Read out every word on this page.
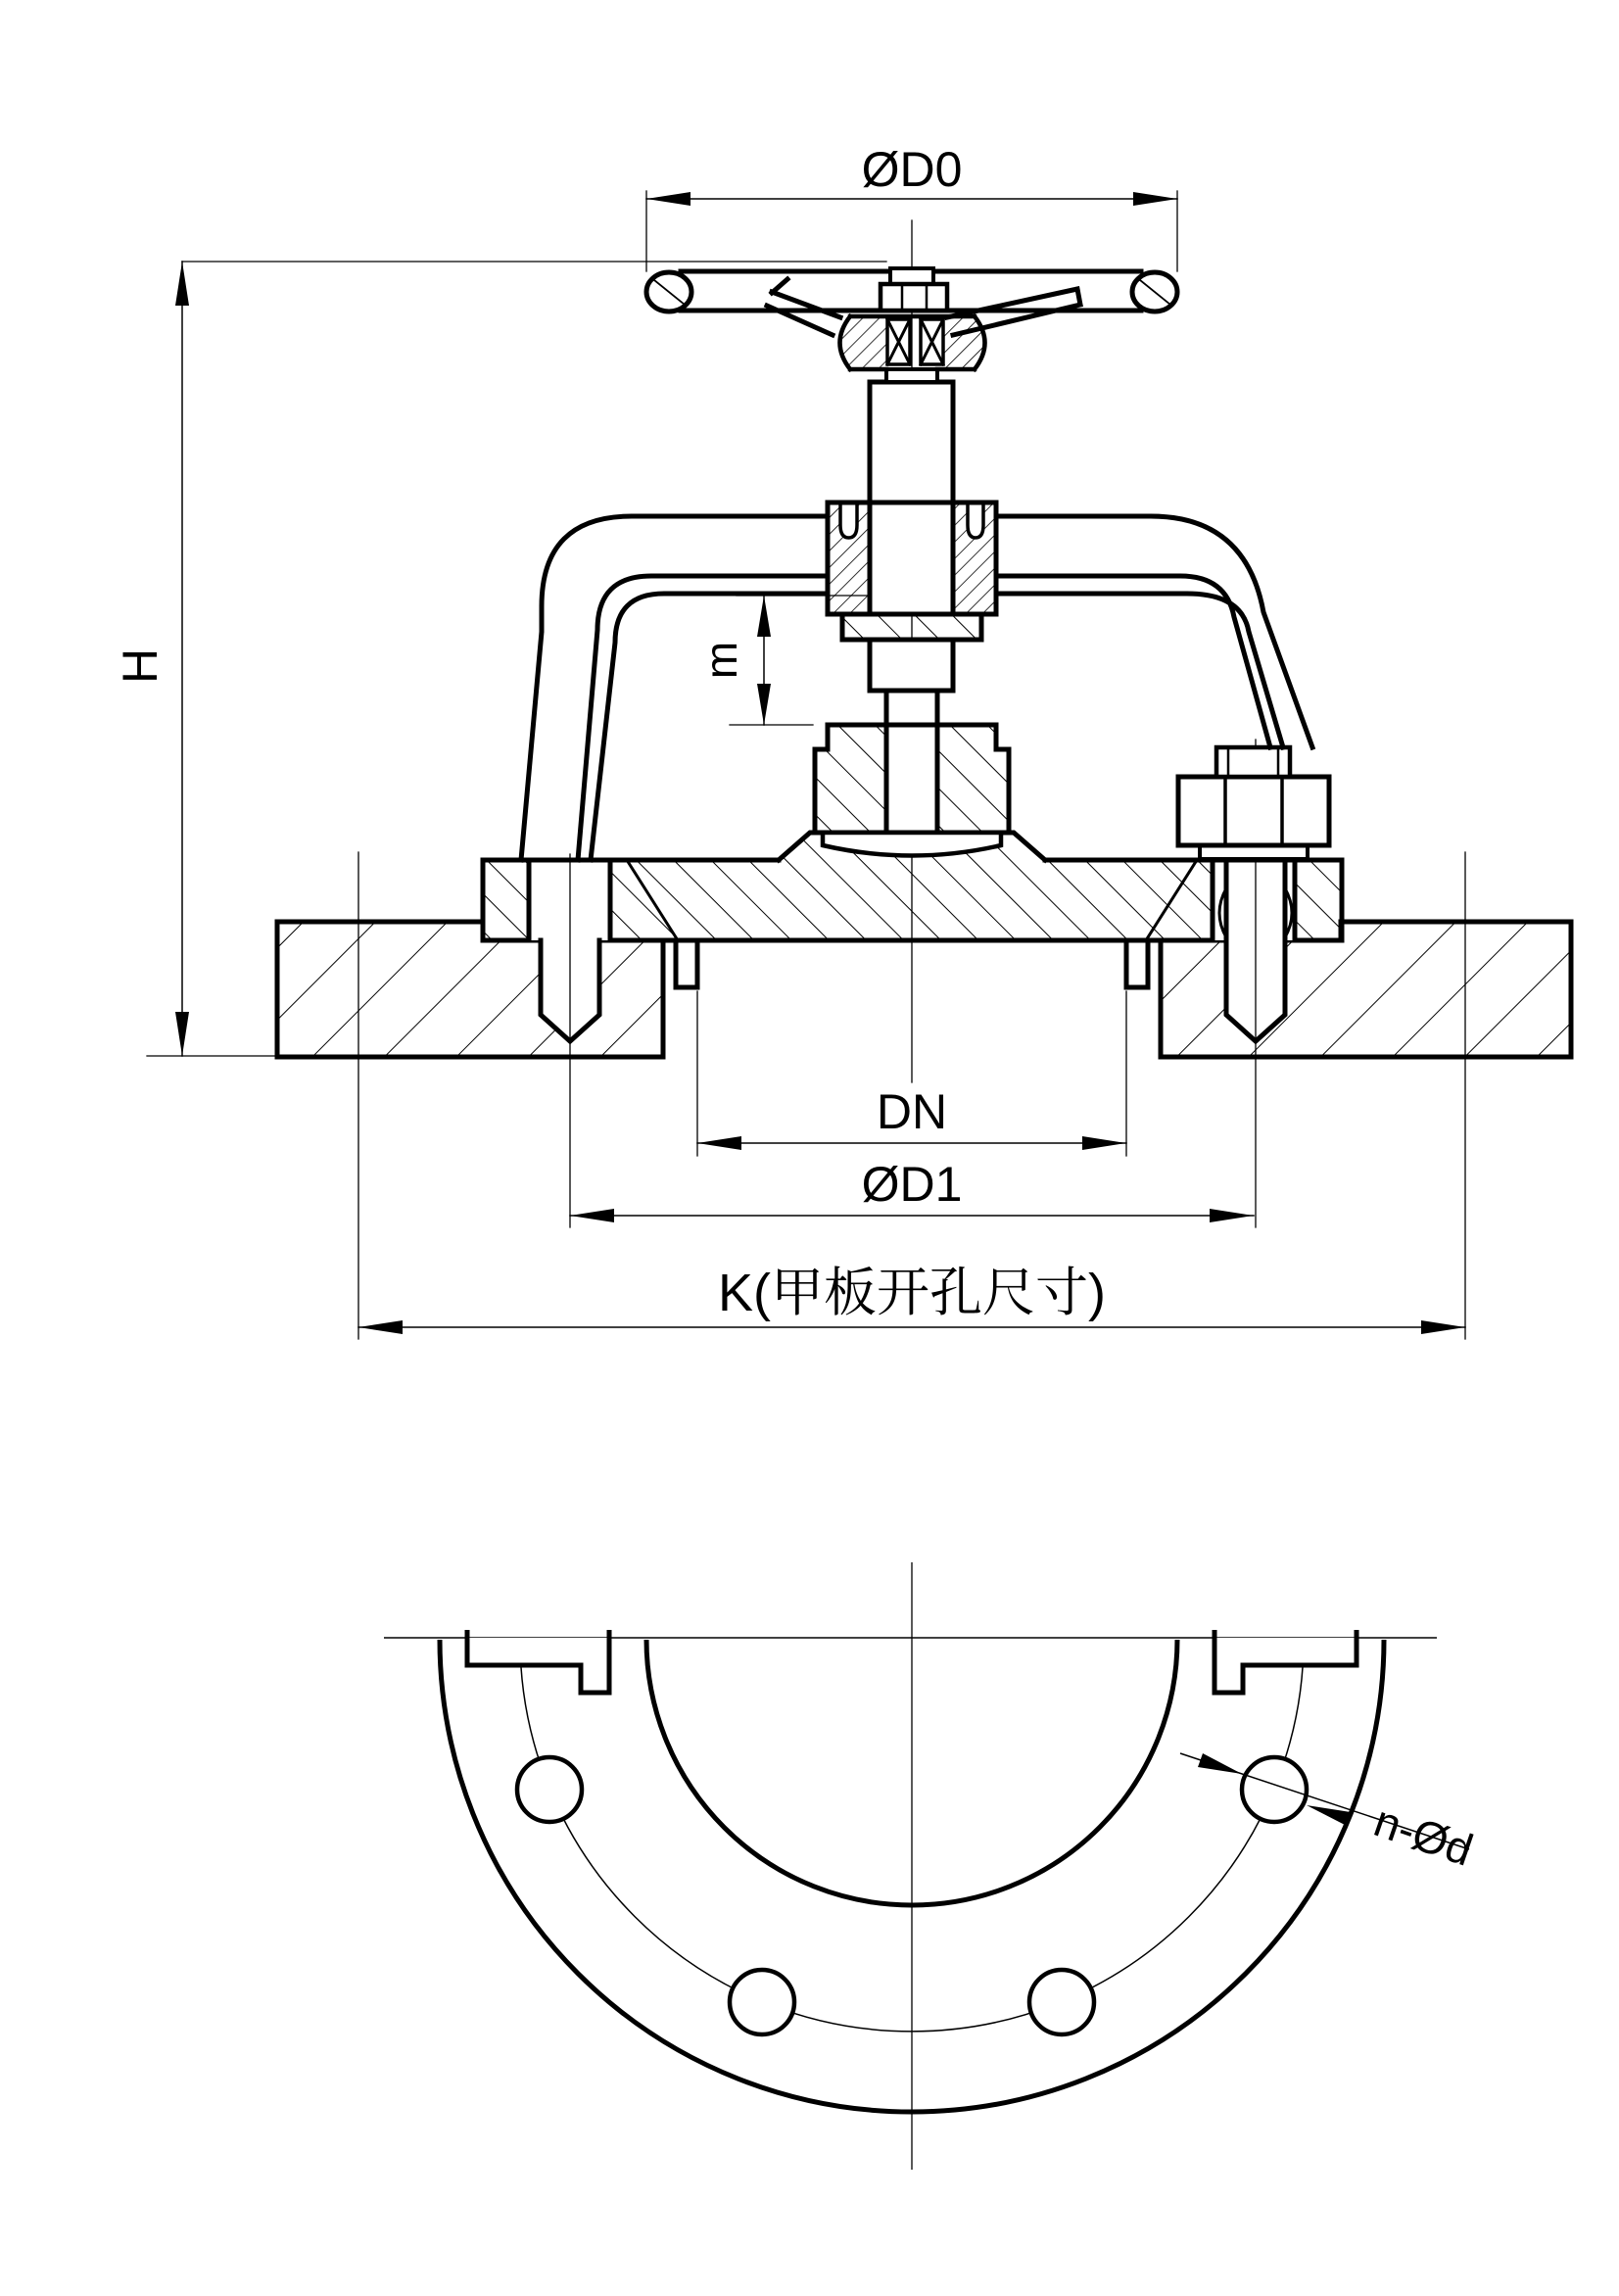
ØD0
H	m
DN
ØD1
K(甲板开孔尺寸)
n-Ød
